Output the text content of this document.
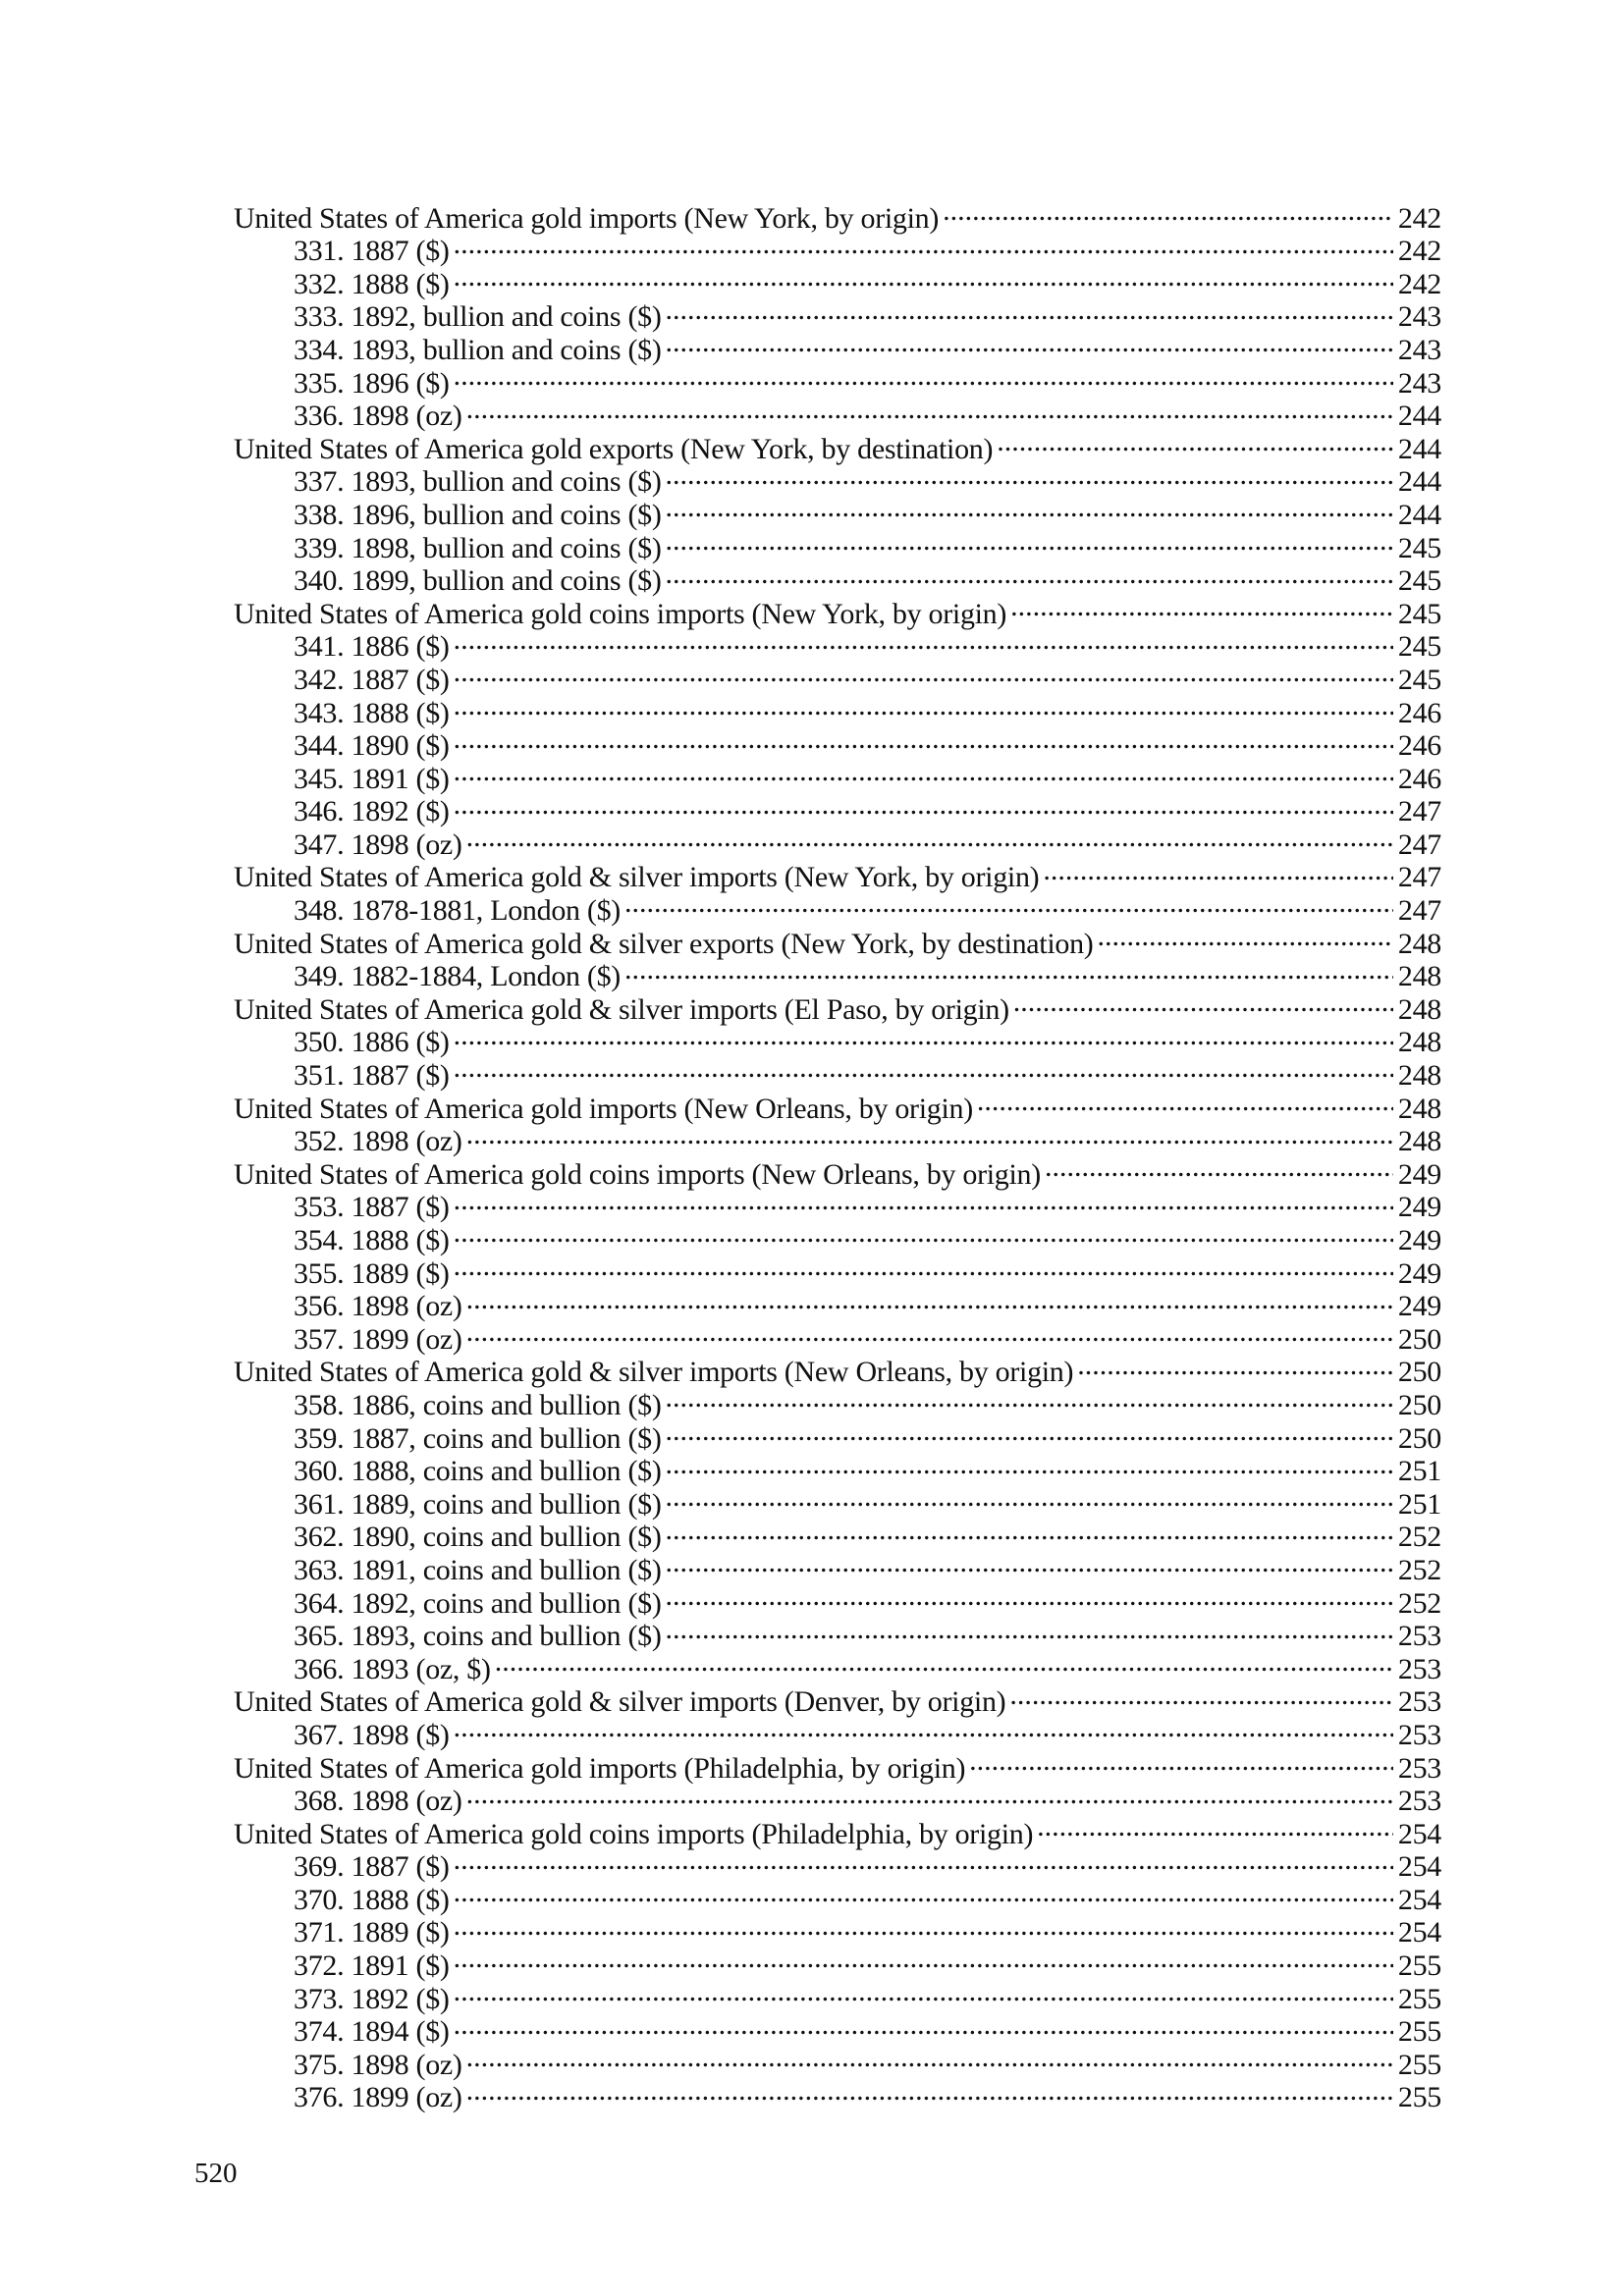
United States of America gold imports (New York, by origin) .....	242
331. 1887 ($) .....	242
332. 1888 ($) .....	242
333. 1892, bullion and coins ($) .....	243
334. 1893, bullion and coins ($) .....	243
335. 1896 ($) .....	243
336. 1898 (oz) .....	244
United States of America gold exports (New York, by destination) .....	244
337. 1893, bullion and coins ($) .....	244
338. 1896, bullion and coins ($) .....	244
339. 1898, bullion and coins ($) .....	245
340. 1899, bullion and coins ($) .....	245
United States of America gold coins imports (New York, by origin) .....	245
341. 1886 ($) .....	245
342. 1887 ($) .....	245
343. 1888 ($) .....	246
344. 1890 ($) .....	246
345. 1891 ($) .....	246
346. 1892 ($) .....	247
347. 1898 (oz) .....	247
United States of America gold & silver imports (New York, by origin) .....	247
348. 1878-1881, London ($) .....	247
United States of America gold & silver exports (New York, by destination) .....	248
349. 1882-1884, London ($) .....	248
United States of America gold & silver imports (El Paso, by origin) .....	248
350. 1886 ($) .....	248
351. 1887 ($) .....	248
United States of America gold imports (New Orleans, by origin) .....	248
352. 1898 (oz) .....	248
United States of America gold coins imports (New Orleans, by origin) .....	249
353. 1887 ($) .....	249
354. 1888 ($) .....	249
355. 1889 ($) .....	249
356. 1898 (oz) .....	249
357. 1899 (oz) .....	250
United States of America gold & silver imports (New Orleans, by origin) .....	250
358. 1886, coins and bullion ($) .....	250
359. 1887, coins and bullion ($) .....	250
360. 1888, coins and bullion ($) .....	251
361. 1889, coins and bullion ($) .....	251
362. 1890, coins and bullion ($) .....	252
363. 1891, coins and bullion ($) .....	252
364. 1892, coins and bullion ($) .....	252
365. 1893, coins and bullion ($) .....	253
366. 1893 (oz, $) .....	253
United States of America gold & silver imports (Denver, by origin) .....	253
367. 1898 ($) .....	253
United States of America gold imports (Philadelphia, by origin) .....	253
368. 1898 (oz) .....	253
United States of America gold coins imports (Philadelphia, by origin) .....	254
369. 1887 ($) .....	254
370. 1888 ($) .....	254
371. 1889 ($) .....	254
372. 1891 ($) .....	255
373. 1892 ($) .....	255
374. 1894 ($) .....	255
375. 1898 (oz) .....	255
376. 1899 (oz) .....	255
520
